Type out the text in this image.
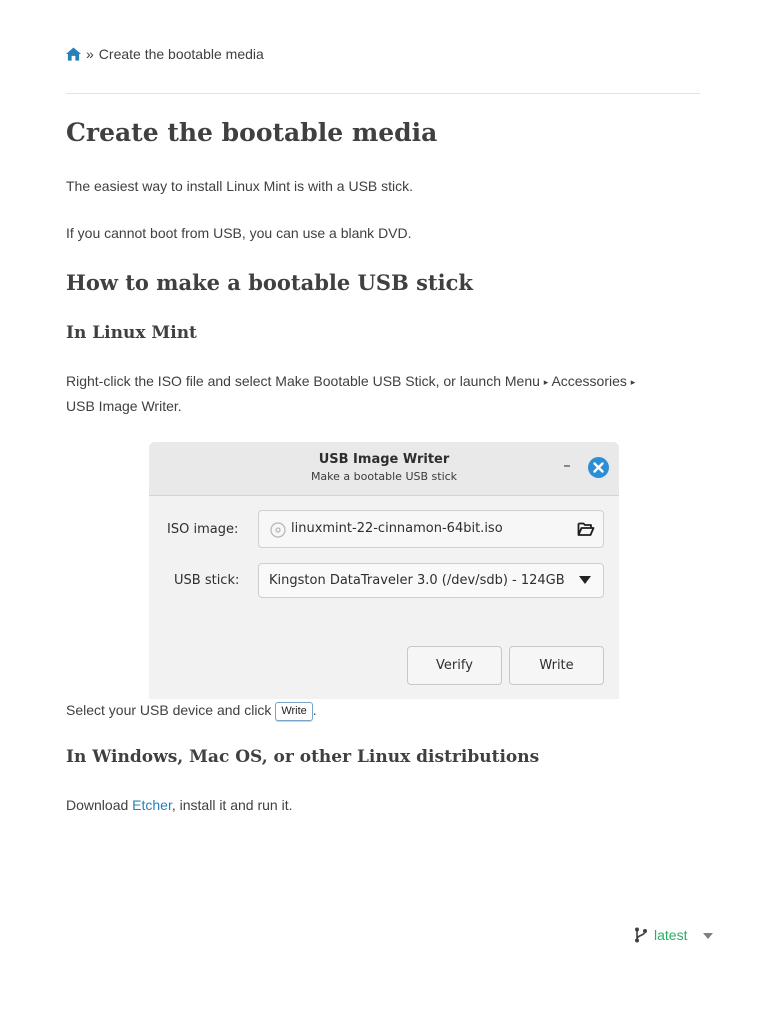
» Create the bootable media
Create the bootable media

The easiest way to install Linux Mint is with a USB stick.

If you cannot boot from USB, you can use a blank DVD.

How to make a bootable USB stick
In Linux Mint

Right-click the ISO file and select Make Bootable USB Stick, or launch Menu ▸ Accessories ▸
USB Image Writer.

USB Image Writer
Make a bootable USB stick
–
ISO image:	linuxmint-22-cinnamon-64bit.iso
USB stick: Kingston DataTraveler 3.0 (/dev/sdb) - 124GB
Verify	Write

Select your USB device and click Write .

In Windows, Mac OS, or other Linux distributions

Download Etcher, install it and run it.

latest
